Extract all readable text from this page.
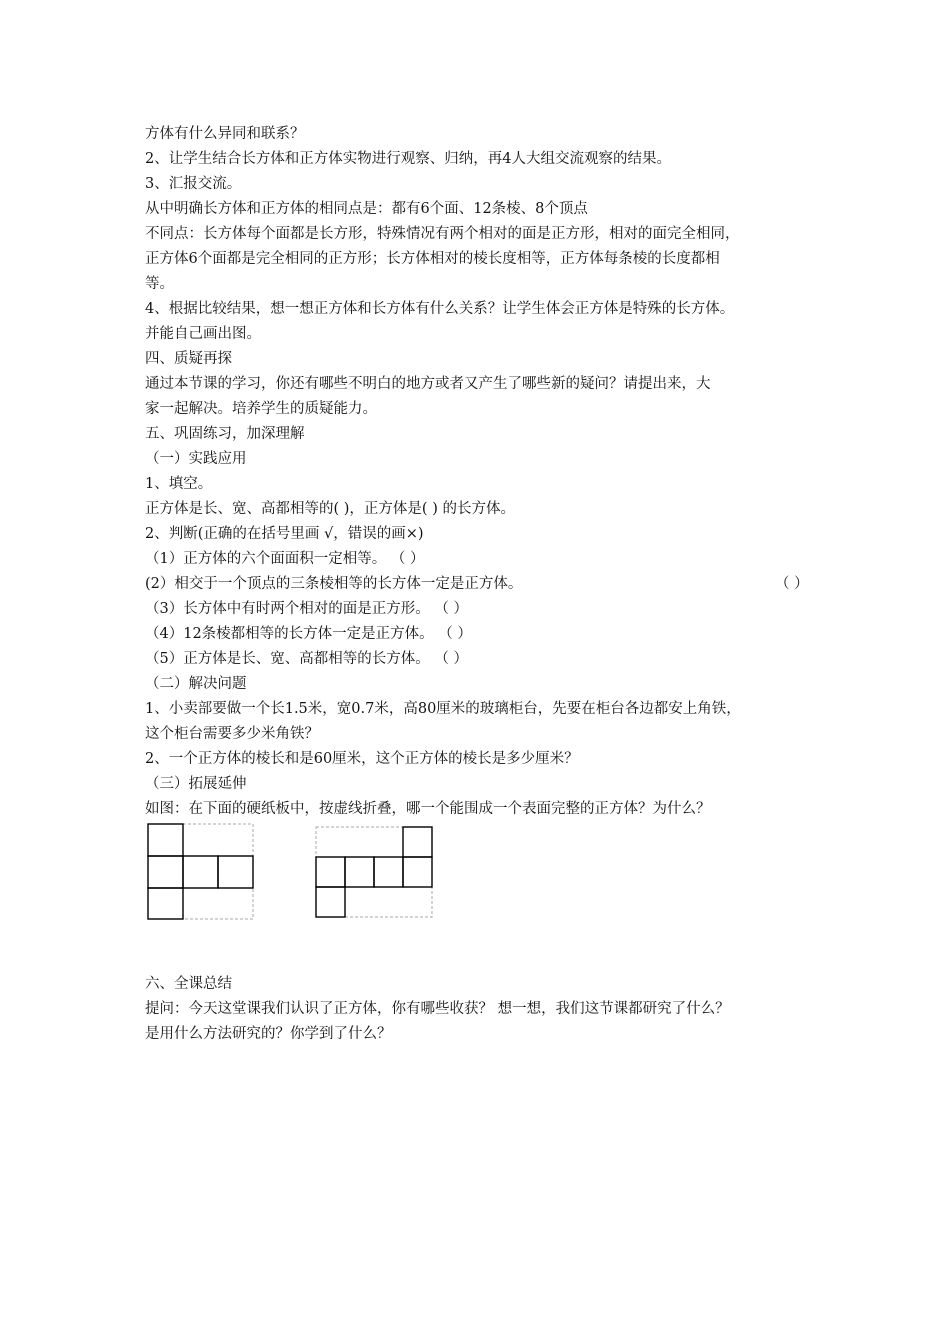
方体有什么异同和联系？
2、让学生结合长方体和正方体实物进行观察、归纳，再4人大组交流观察的结果。
3、汇报交流。
从中明确长方体和正方体的相同点是：都有6个面、12条棱、8个顶点
不同点：长方体每个面都是长方形，特殊情况有两个相对的面是正方形，相对的面完全相同，
正方体6个面都是完全相同的正方形；长方体相对的棱长度相等，正方体每条棱的长度都相
等。
4、根据比较结果，想一想正方体和长方体有什么关系？让学生体会正方体是特殊的长方体。
并能自己画出图。
四、质疑再探
通过本节课的学习，你还有哪些不明白的地方或者又产生了哪些新的疑问？请提出来，大
家一起解决。培养学生的质疑能力。
五、巩固练习，加深理解
（一）实践应用
1、填空。
正方体是长、宽、高都相等的( )，正方体是( ) 的长方体。
2、判断(正确的在括号里画 √，错误的画×)
（1）正方体的六个面面积一定相等。 （ ）
(2）相交于一个顶点的三条棱相等的长方体一定是正方体。	（ ）
（3）长方体中有时两个相对的面是正方形。 （ ）
（4）12条棱都相等的长方体一定是正方体。 （ ）
（5）正方体是长、宽、高都相等的长方体。 （ ）
（二）解决问题
1、小卖部要做一个长1.5米，宽0.7米，高80厘米的玻璃柜台，先要在柜台各边都安上角铁，
这个柜台需要多少米角铁？
2、一个正方体的棱长和是60厘米，这个正方体的棱长是多少厘米？
（三）拓展延伸
如图：在下面的硬纸板中，按虚线折叠，哪一个能围成一个表面完整的正方体？为什么？
六、全课总结
提问：今天这堂课我们认识了正方体，你有哪些收获？ 想一想，我们这节课都研究了什么？
是用什么方法研究的？你学到了什么？
